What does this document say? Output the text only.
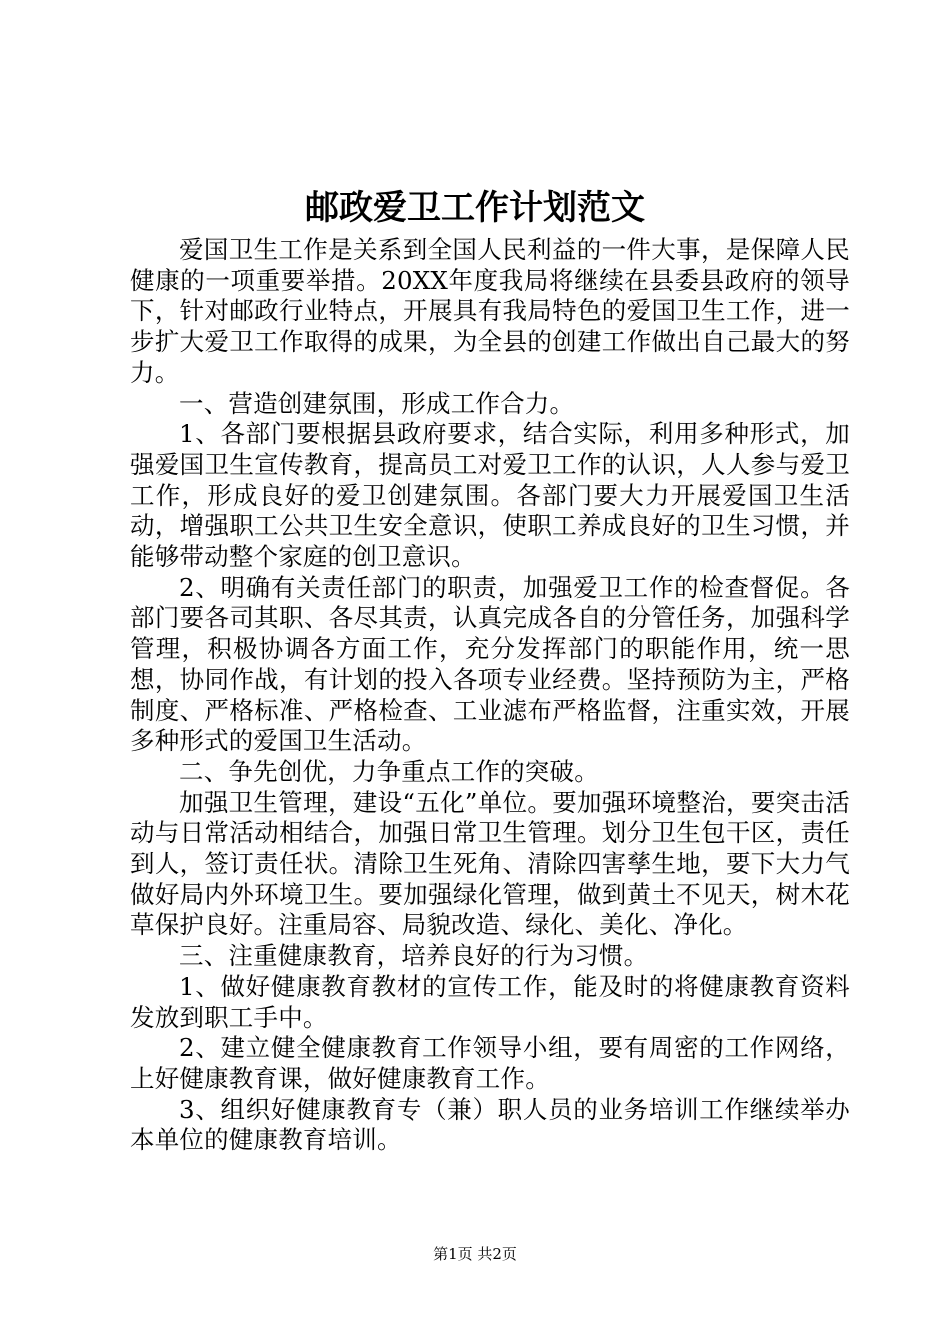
邮政爱卫工作计划范文

爱国卫生工作是关系到全国人民利益的一件大事，是保障人民健康的一项重要举措。20XX年度我局将继续在县委县政府的领导下，针对邮政行业特点，开展具有我局特色的爱国卫生工作，进一步扩大爱卫工作取得的成果，为全县的创建工作做出自己最大的努力。

一、营造创建氛围，形成工作合力。

1、各部门要根据县政府要求，结合实际，利用多种形式，加强爱国卫生宣传教育，提高员工对爱卫工作的认识，人人参与爱卫工作，形成良好的爱卫创建氛围。各部门要大力开展爱国卫生活动，增强职工公共卫生安全意识，使职工养成良好的卫生习惯，并能够带动整个家庭的创卫意识。

2、明确有关责任部门的职责，加强爱卫工作的检查督促。各部门要各司其职、各尽其责，认真完成各自的分管任务，加强科学管理，积极协调各方面工作，充分发挥部门的职能作用，统一思想，协同作战，有计划的投入各项专业经费。坚持预防为主，严格制度、严格标准、严格检查、工业滤布严格监督，注重实效，开展多种形式的爱国卫生活动。

二、争先创优，力争重点工作的突破。

加强卫生管理，建设“五化”单位。要加强环境整治，要突击活动与日常活动相结合，加强日常卫生管理。划分卫生包干区，责任到人，签订责任状。清除卫生死角、清除四害孳生地，要下大力气做好局内外环境卫生。要加强绿化管理，做到黄土不见天，树木花草保护良好。注重局容、局貌改造、绿化、美化、净化。

三、注重健康教育，培养良好的行为习惯。

1、做好健康教育教材的宣传工作，能及时的将健康教育资料发放到职工手中。

2、建立健全健康教育工作领导小组，要有周密的工作网络，上好健康教育课，做好健康教育工作。

3、组织好健康教育专（兼）职人员的业务培训工作继续举办本单位的健康教育培训。

第1页 共2页
